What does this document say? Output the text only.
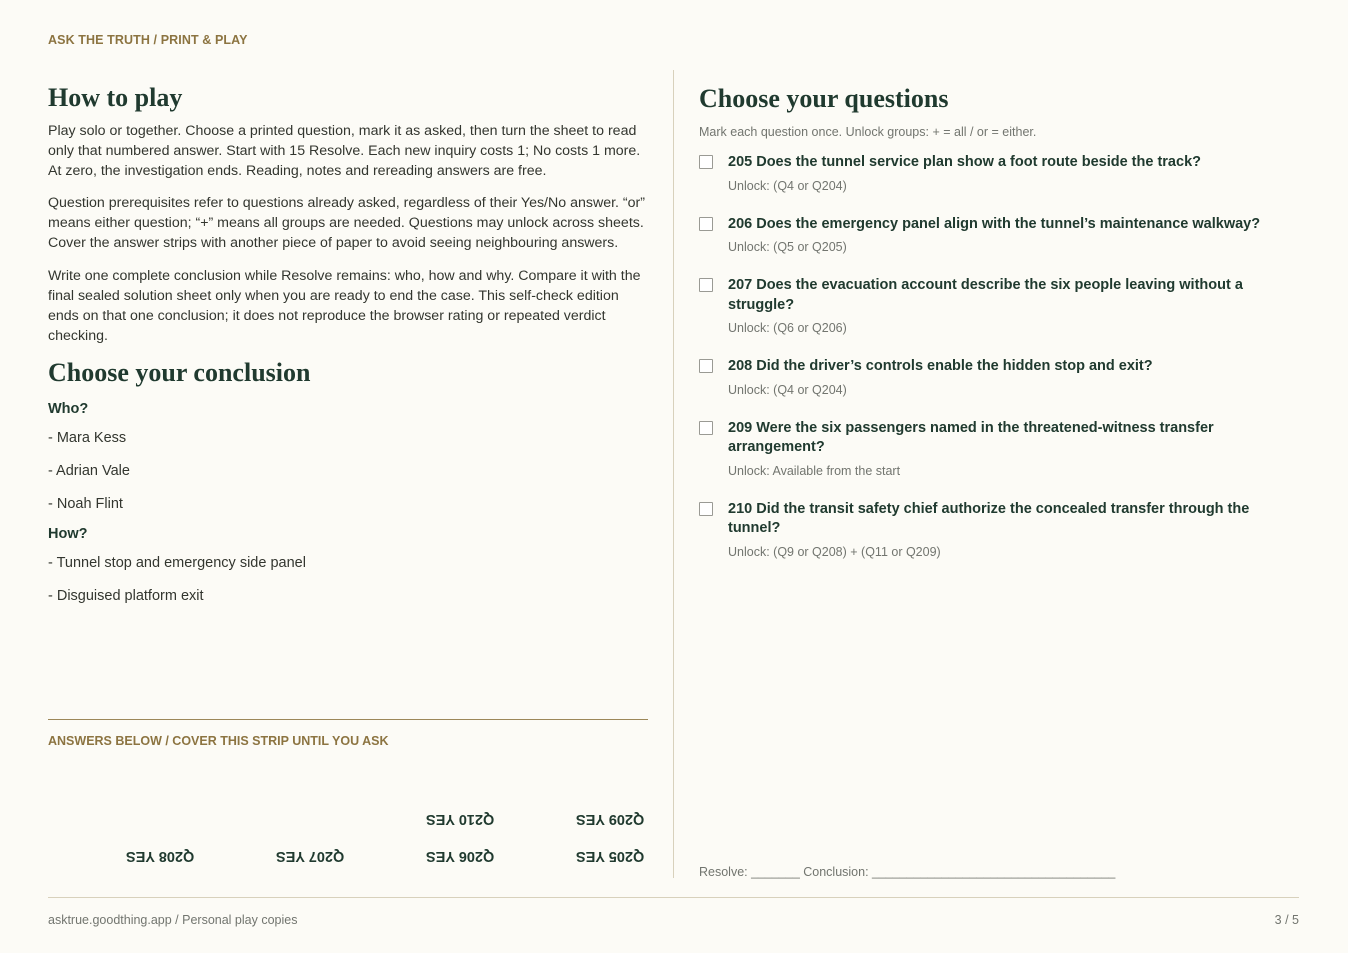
ASK THE TRUTH / PRINT & PLAY
How to play

Play solo or together. Choose a printed question, mark it as asked, then turn the sheet to read only that numbered answer. Start with 15 Resolve. Each new inquiry costs 1; No costs 1 more. At zero, the investigation ends. Reading, notes and rereading answers are free.

Question prerequisites refer to questions already asked, regardless of their Yes/No answer. “or” means either question; “+” means all groups are needed. Questions may unlock across sheets. Cover the answer strips with another piece of paper to avoid seeing neighbouring answers.

Write one complete conclusion while Resolve remains: who, how and why. Compare it with the final sealed solution sheet only when you are ready to end the case. This self-check edition ends on that one conclusion; it does not reproduce the browser rating or repeated verdict checking.

Choose your conclusion
Who?
- Mara Kess
- Adrian Vale
- Noah Flint
How?
- Tunnel stop and emergency side panel
- Disguised platform exit
ANSWERS BELOW / COVER THIS STRIP UNTIL YOU ASK
Q209 YES
Q210 YES
Q205 YES
Q206 YES
Q207 YES
Q208 YES
Choose your questions
Mark each question once. Unlock groups: + = all / or = either.
205 Does the tunnel service plan show a foot route beside the track?
Unlock: (Q4 or Q204)
206 Does the emergency panel align with the tunnel’s maintenance walkway?
Unlock: (Q5 or Q205)
207 Does the evacuation account describe the six people leaving without a struggle?
Unlock: (Q6 or Q206)
208 Did the driver’s controls enable the hidden stop and exit?
Unlock: (Q4 or Q204)
209 Were the six passengers named in the threatened-witness transfer arrangement?
Unlock: Available from the start
210 Did the transit safety chief authorize the concealed transfer through the tunnel?
Unlock: (Q9 or Q208) + (Q11 or Q209)
Resolve: _______ Conclusion: ___________________________________
asktrue.goodthing.app / Personal play copies	3 / 5
